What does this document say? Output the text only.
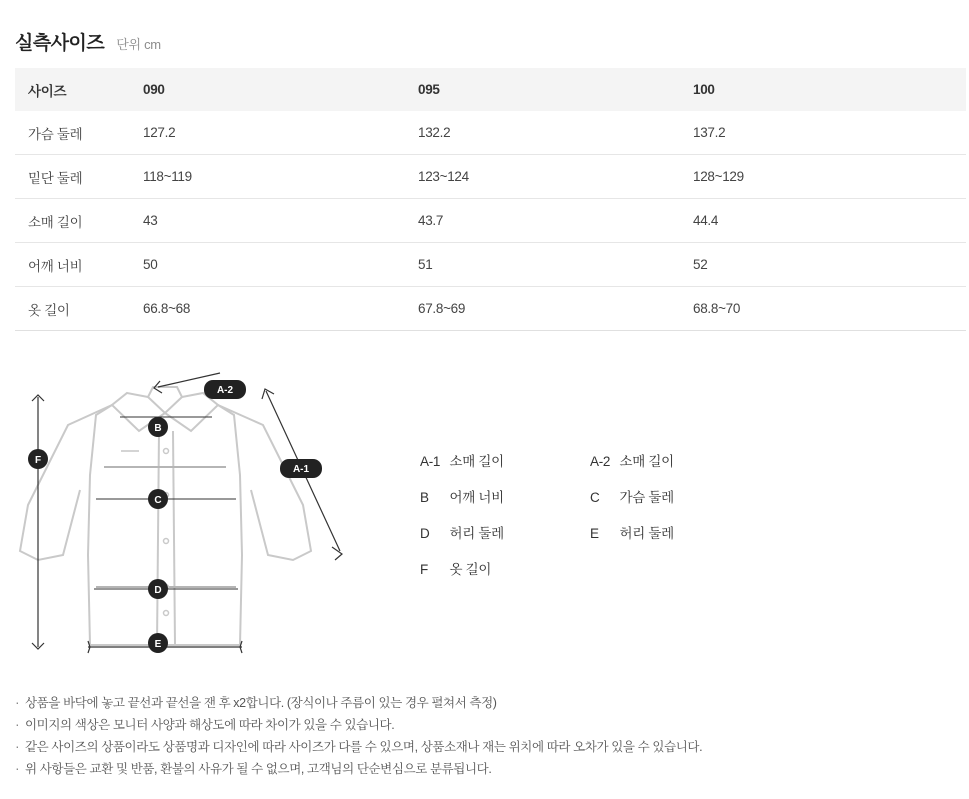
실측사이즈 단위 cm
사이즈	090	095	100
가슴 둘레	127.2	132.2	137.2
밑단 둘레	118~119	123~124	128~129
소매 길이	43	43.7	44.4
어깨 너비	50	51	52
옷 길이	66.8~68	67.8~69	68.8~70
F
A-2
A-1
B
C
D
E
A-1 소매 길이	A-2 소매 길이
B 어깨 너비	C 가슴 둘레
D 허리 둘레	E 허리 둘레
F 옷 길이
· 상품을 바닥에 놓고 끝선과 끝선을 잰 후 x2합니다. (장식이나 주름이 있는 경우 펼쳐서 측정)
· 이미지의 색상은 모니터 사양과 해상도에 따라 차이가 있을 수 있습니다.
· 같은 사이즈의 상품이라도 상품명과 디자인에 따라 사이즈가 다를 수 있으며, 상품소재나 재는 위치에 따라 오차가 있을 수 있습니다.
· 위 사항들은 교환 및 반품, 환불의 사유가 될 수 없으며, 고객님의 단순변심으로 분류됩니다.
